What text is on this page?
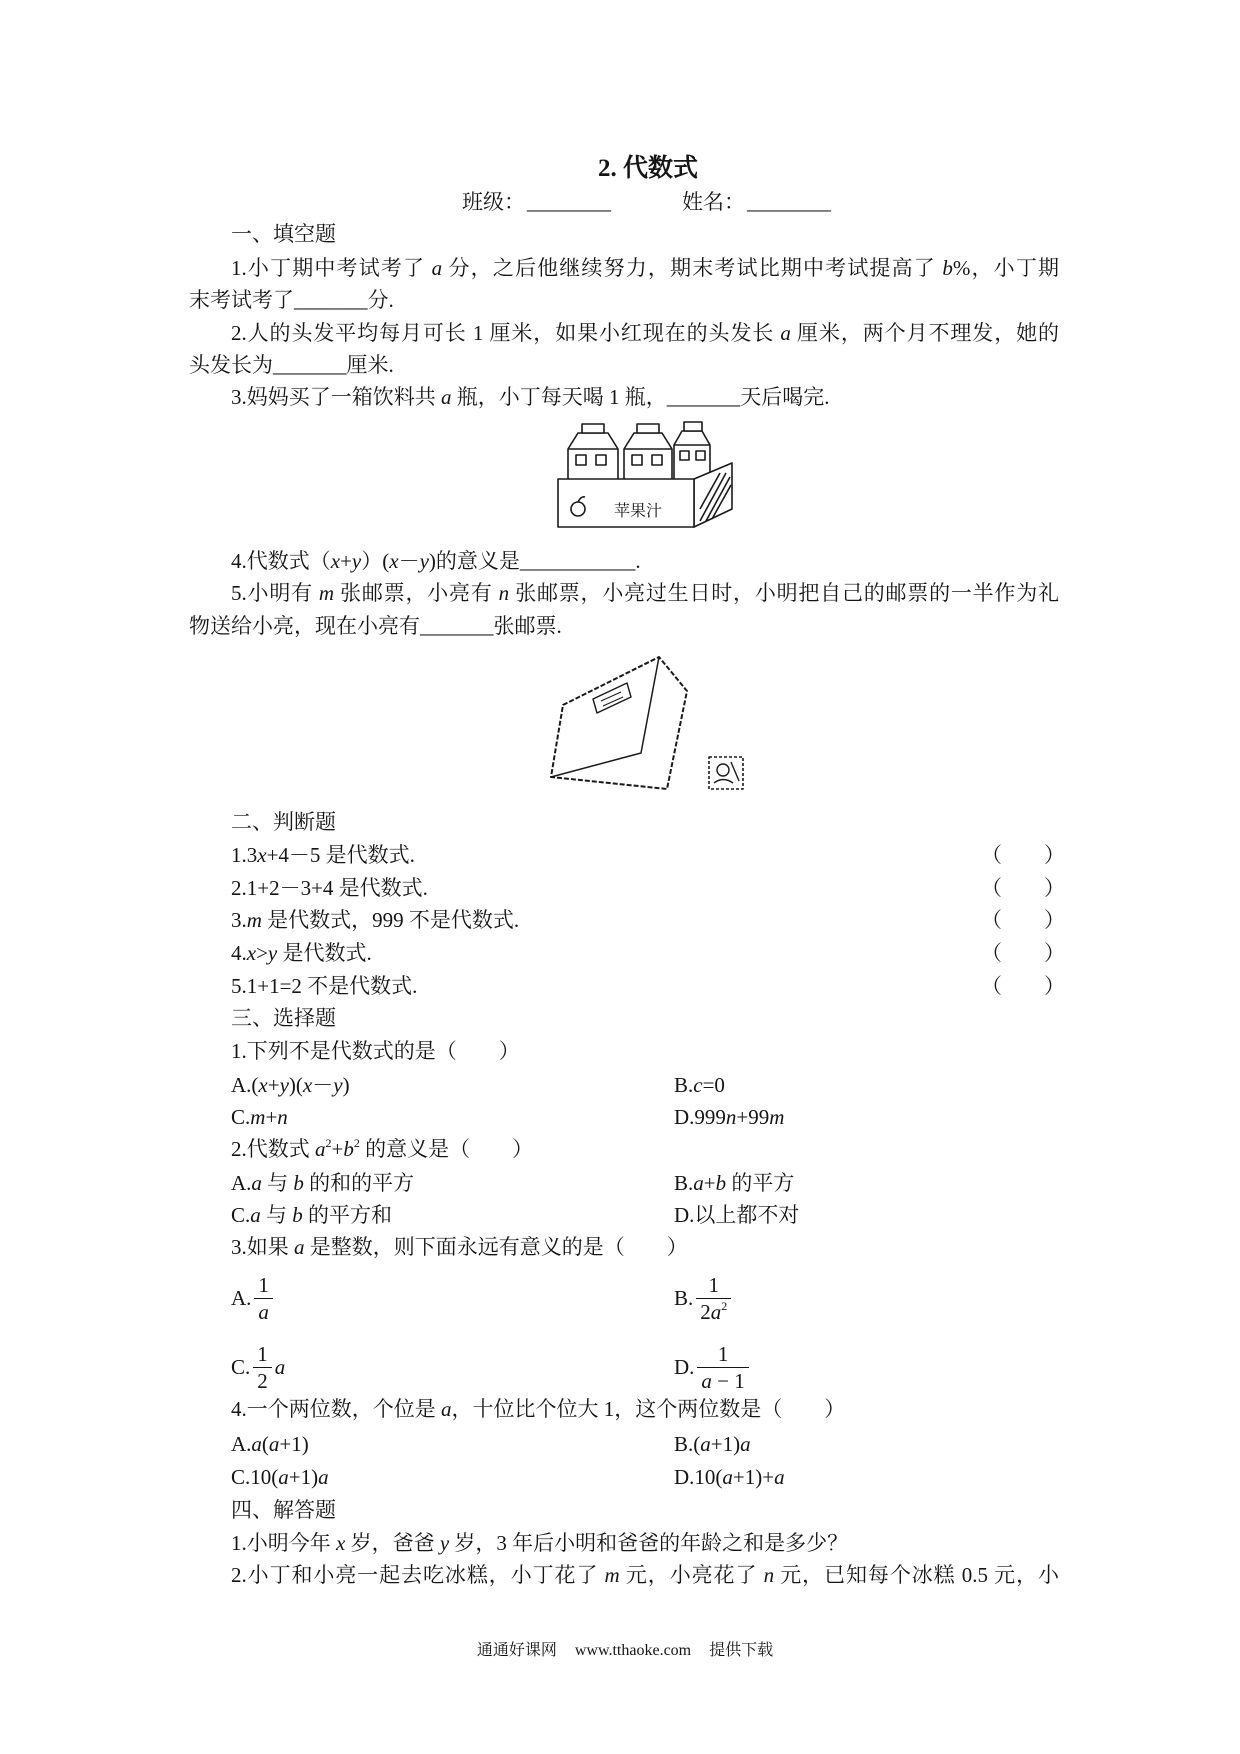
2. 代数式
班级： ________	姓名： ________
一、填空题
1.小丁期中考试考了 a 分，之后他继续努力，期末考试比期中考试提高了 b%，小丁期
末考试考了_______分.
2.人的头发平均每月可长 1 厘米，如果小红现在的头发长 a 厘米，两个月不理发，她的
头发长为_______厘米.
3.妈妈买了一箱饮料共 a 瓶，小丁每天喝 1 瓶，_______天后喝完.
苹果汁
4.代数式（x+y）(x－y)的意义是___________.
5.小明有 m 张邮票，小亮有 n 张邮票，小亮过生日时，小明把自己的邮票的一半作为礼
物送给小亮，现在小亮有_______张邮票.
二、判断题
1.3x+4－5 是代数式.	（　　）
2.1+2－3+4 是代数式.	（　　）
3.m 是代数式，999 不是代数式.	（　　）
4.x>y 是代数式.	（　　）
5.1+1=2 不是代数式.	（　　）
三、选择题
1.下列不是代数式的是（　　）
A.(x+y)(x－y)	B.c=0
C.m+n	D.999n+99m
2.代数式 $a^2+b^2$ 的意义是（　　）
A.a 与 b 的和的平方	B.a+b 的平方
C.a 与 b 的平方和	D.以上都不对
3.如果 a 是整数，则下面永远有意义的是（　　）
A. $\frac{1}{a}$	B. $\frac{1}{2a^2}$
C. $\frac{1}{2}$ a	D. $\frac{1}{a - 1}$
4.一个两位数，个位是 a，十位比个位大 1，这个两位数是（　　）
A.a(a+1)	B.(a+1)a
C.10(a+1)a	D.10(a+1)+a
四、解答题
1.小明今年 x 岁，爸爸 y 岁，3 年后小明和爸爸的年龄之和是多少？
2.小丁和小亮一起去吃冰糕，小丁花了 m 元，小亮花了 n 元，已知每个冰糕 0.5 元，小
通通好课网 www.tthaoke.com 提供下载
